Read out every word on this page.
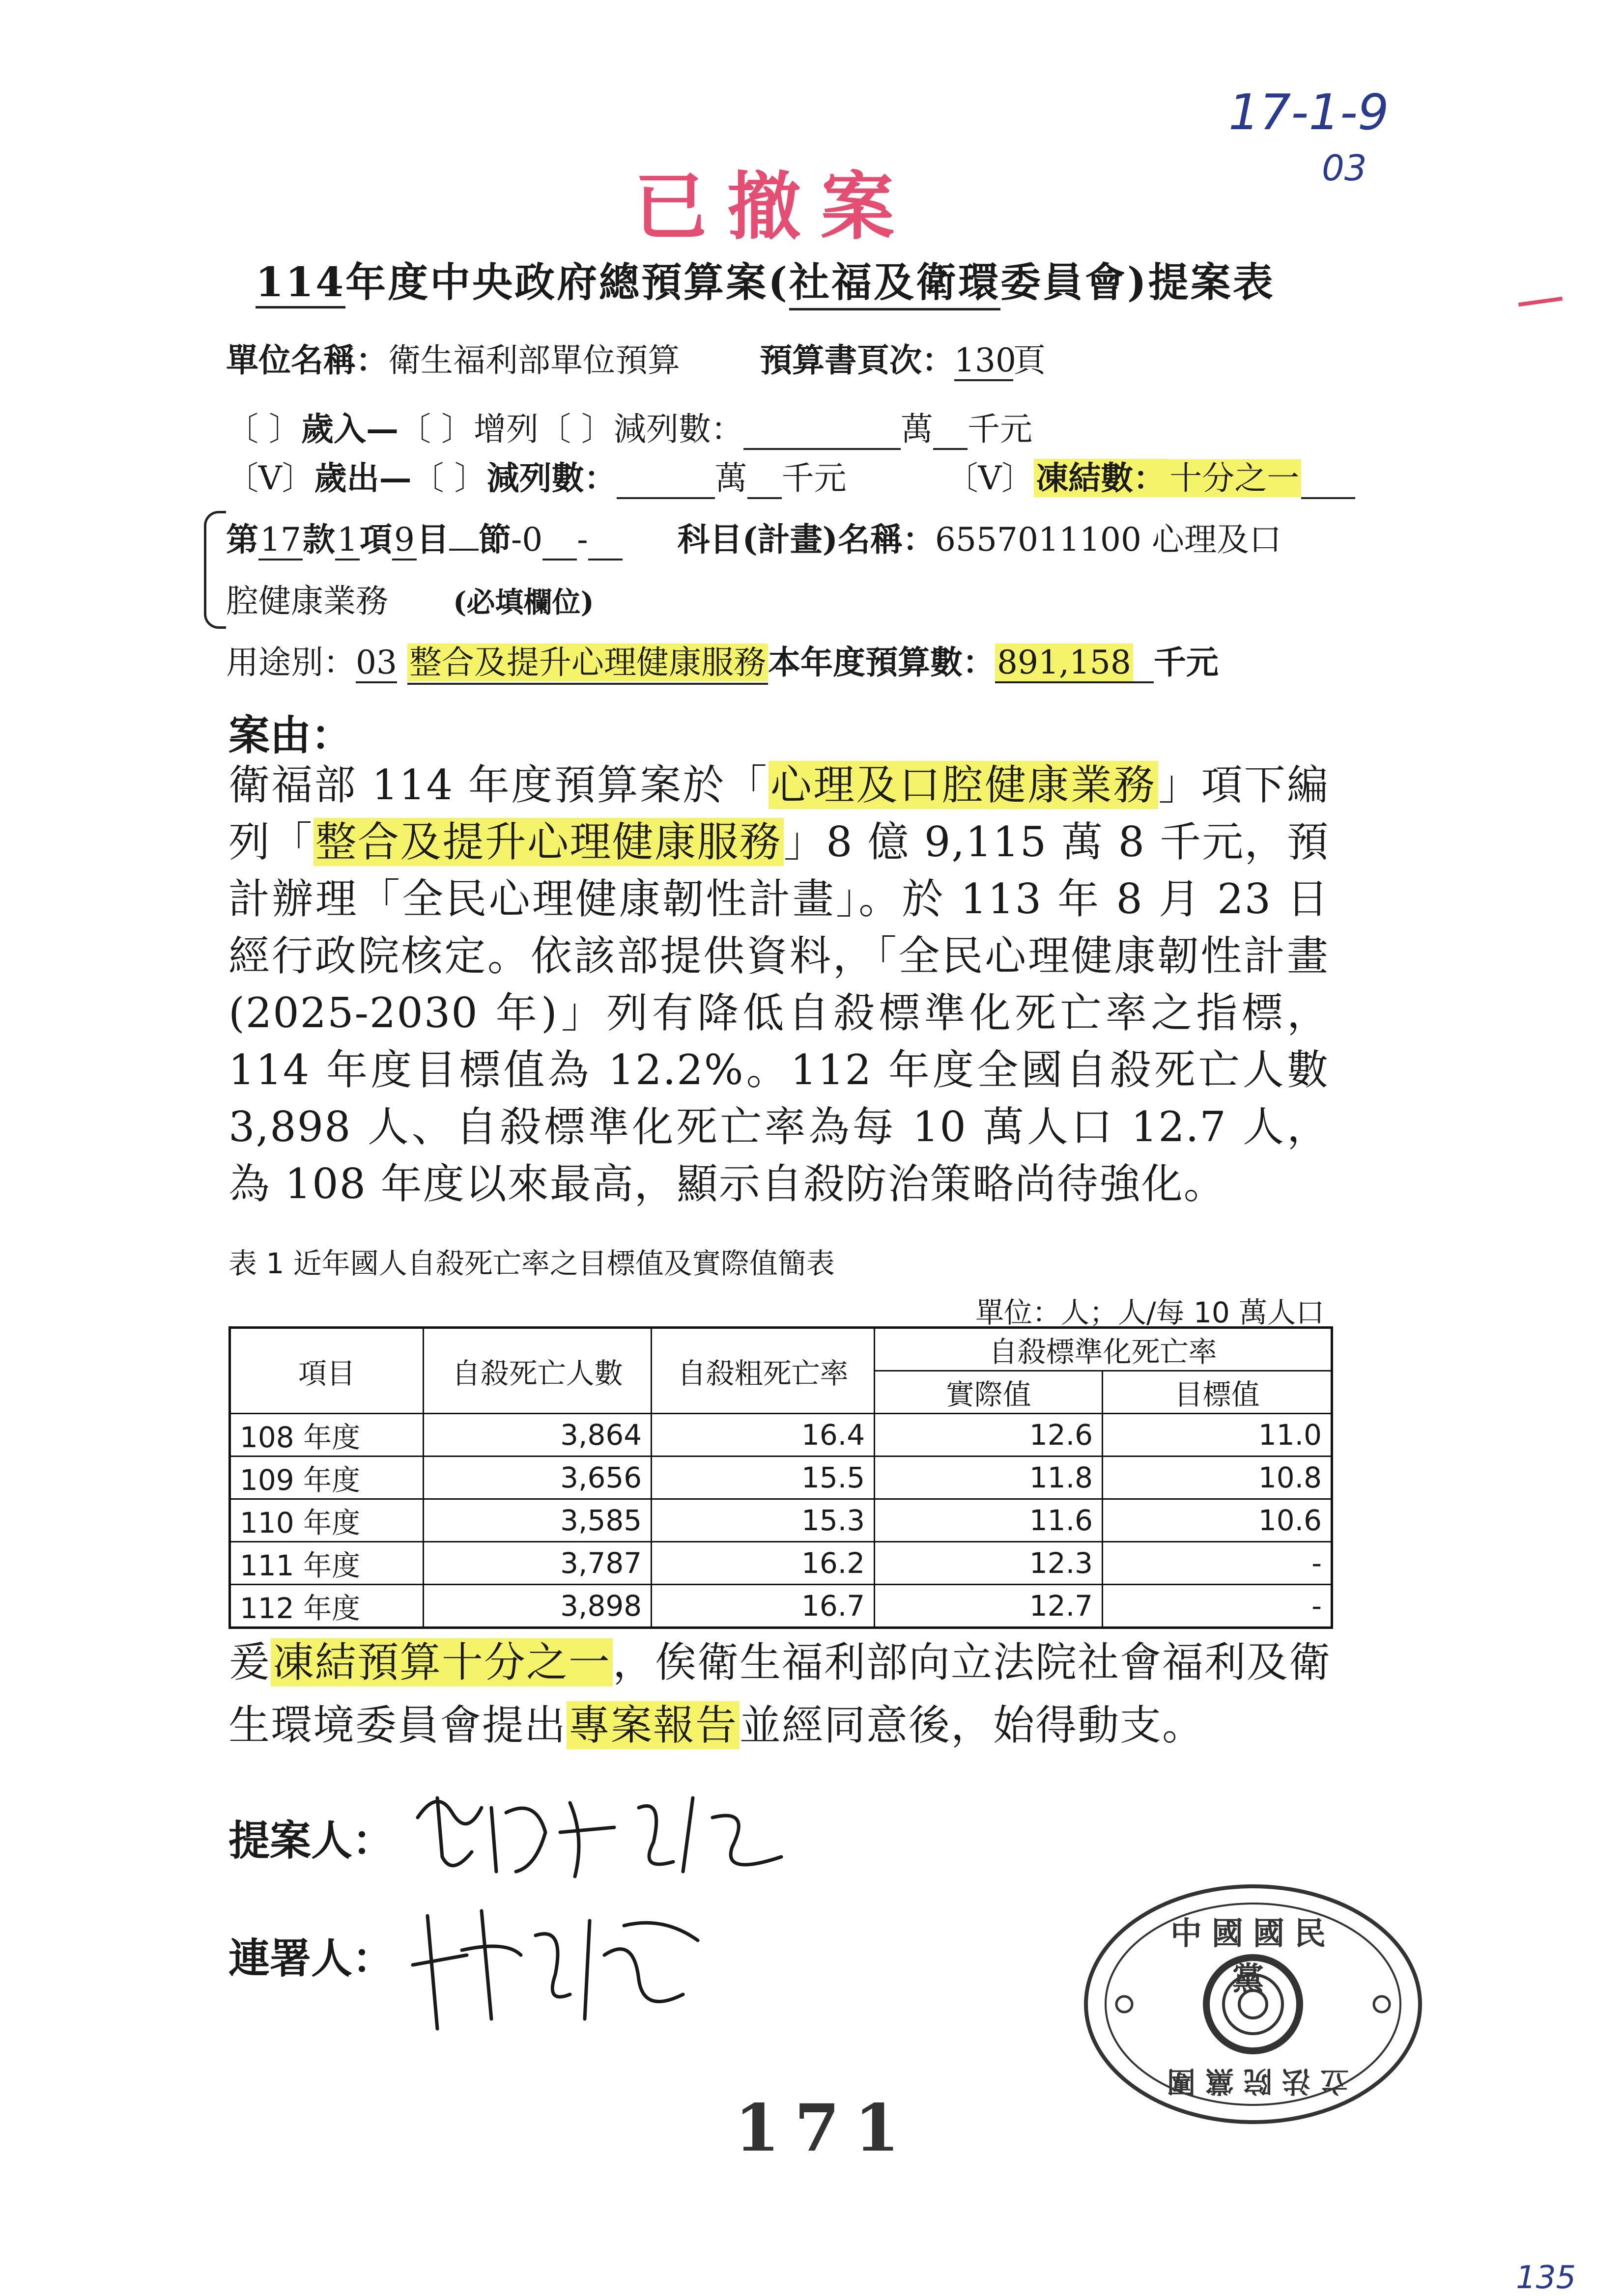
17-1-9
03
135
已撤案
114年度中央政府總預算案(社福及衛環委員會)提案表
單位名稱：衛生福利部單位預算 預算書頁次：130頁
〔 〕歲入—〔 〕增列〔 〕減列數：	萬 千元
〔V〕歲出—〔 〕減列數：	萬 千元	〔V〕凍結數： 十分之一
第17款1項9目 節-0 -	科目(計畫)名稱：6557011100 心理及口
腔健康業務 (必填欄位)
用途別：03 整合及提升心理健康服務本年度預算數：891,158 千元
案由：

衛福部 114 年度預算案於「心理及口腔健康業務」項下編列「整合及提升心理健康服務」8 億 9,115 萬 8 千元，預計辦理「全民心理健康韌性計畫」。於 113 年 8 月 23 日經行政院核定。依該部提供資料，「全民心理健康韌性計畫(2025-2030 年)」列有降低自殺標準化死亡率之指標，114 年度目標值為 12.2%。112 年度全國自殺死亡人數 3,898 人、自殺標準化死亡率為每 10 萬人口 12.7 人，為 108 年度以來最高，顯示自殺防治策略尚待強化。

表 1 近年國人自殺死亡率之目標值及實際值簡表
單位：人；人/每 10 萬人口
項目	自殺死亡人數	自殺粗死亡率	自殺標準化死亡率	
			實際值	目標值
108 年度	3,864	16.4	12.6	11.0
109 年度	3,656	15.5	11.8	10.8
110 年度	3,585	15.3	11.6	10.6
111 年度	3,787	16.2	12.3	-
112 年度	3,898	16.7	12.7	-
爰凍結預算十分之一，俟衛生福利部向立法院社會福利及衛生環境委員會提出專案報告並經同意後，始得動支。
提案人：
連署人：
中國國民黨
立法院黨團
171
